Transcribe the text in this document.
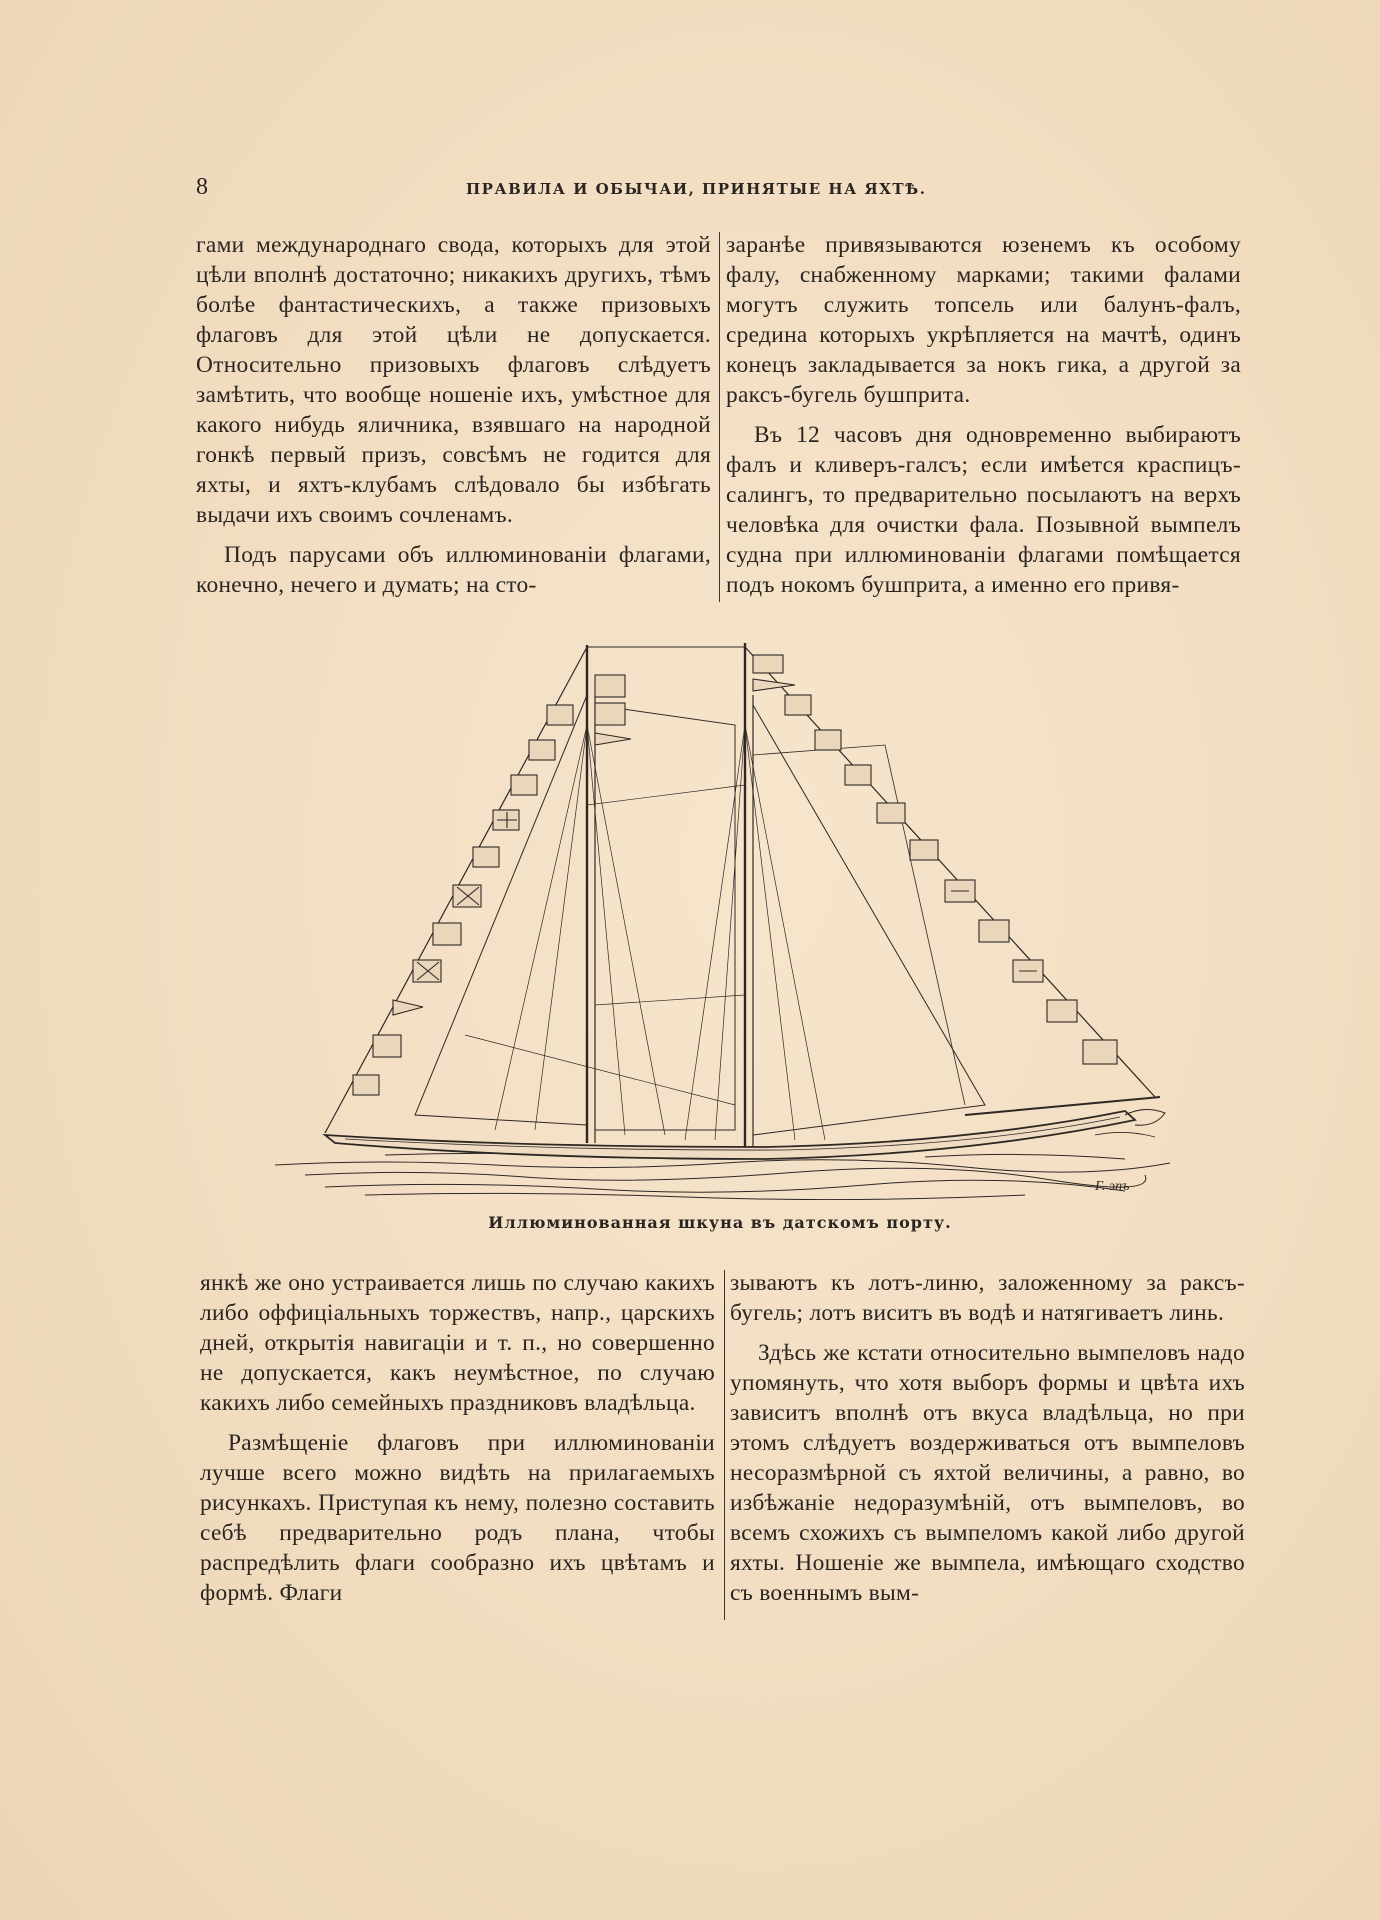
8	ПРАВИЛА И ОБЫЧАИ, ПРИНЯТЫЕ НА ЯХТѢ.

гами международнаго свода, которыхъ для этой цѣли вполнѣ достаточно; никакихъ другихъ, тѣмъ болѣе фантастическихъ, а также призовыхъ флаговъ для этой цѣли не допускается. Относительно призовыхъ флаговъ слѣдуетъ замѣтить, что вообще ношеніе ихъ, умѣстное для какого нибудь яличника, взявшаго на народной гонкѣ первый призъ, совсѣмъ не годится для яхты, и яхтъ-клубамъ слѣдовало бы избѣгать выдачи ихъ своимъ сочленамъ.

Подъ парусами объ иллюминованіи флагами, конечно, нечего и думать; на сто-

заранѣе привязываются юзенемъ къ особому фалу, снабженному марками; такими фалами могутъ служить топсель или балунъ-фалъ, средина которыхъ укрѣпляется на мачтѣ, одинъ конецъ закладывается за нокъ гика, а другой за раксъ-бугель бушприта.

Въ 12 часовъ дня одновременно выбираютъ фалъ и кливеръ-галсъ; если имѣется краспицъ-салингъ, то предварительно посылаютъ на верхъ человѣка для очистки фала. Позывной вымпелъ судна при иллюминованіи флагами помѣщается подъ нокомъ бушприта, а именно его привя-

Г. эпъ
Иллюминованная шкуна въ датскомъ порту.

янкѣ же оно устраивается лишь по случаю какихъ либо оффиціальныхъ торжествъ, напр., царскихъ дней, открытія навигаціи и т. п., но совершенно не допускается, какъ неумѣстное, по случаю какихъ либо семейныхъ праздниковъ владѣльца.

Размѣщеніе флаговъ при иллюминованіи лучше всего можно видѣть на прилагаемыхъ рисункахъ. Приступая къ нему, полезно составить себѣ предварительно родъ плана, чтобы распредѣлить флаги сообразно ихъ цвѣтамъ и формѣ. Флаги

зываютъ къ лотъ-линю, заложенному за раксъ-бугель; лотъ виситъ въ водѣ и натягиваетъ линь.

Здѣсь же кстати относительно вымпеловъ надо упомянуть, что хотя выборъ формы и цвѣта ихъ зависитъ вполнѣ отъ вкуса владѣльца, но при этомъ слѣдуетъ воздерживаться отъ вымпеловъ несоразмѣрной съ яхтой величины, а равно, во избѣжаніе недоразумѣній, отъ вымпеловъ, во всемъ схожихъ съ вымпеломъ какой либо другой яхты. Ношеніе же вымпела, имѣющаго сходство съ военнымъ вым-
